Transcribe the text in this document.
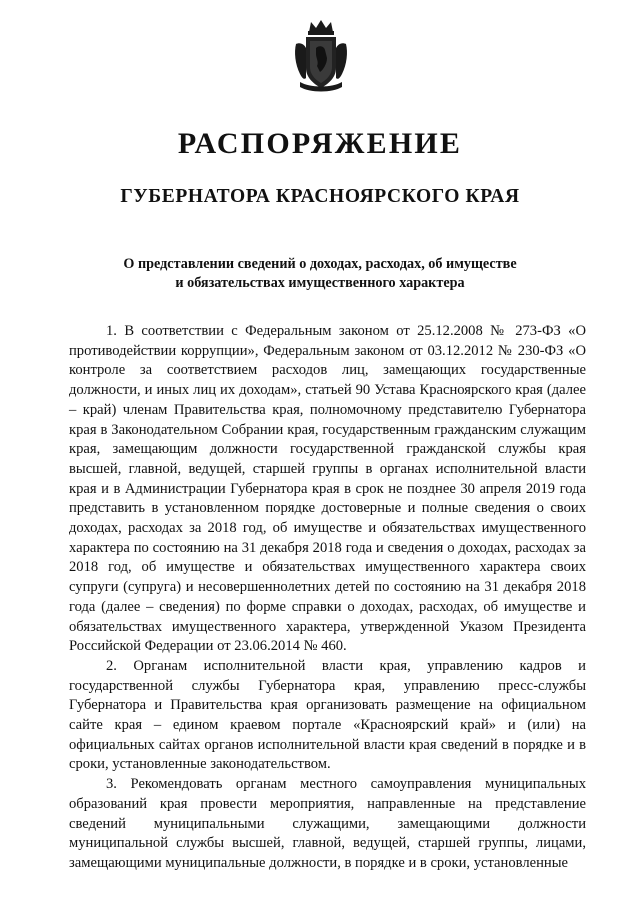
РАСПОРЯЖЕНИЕ
ГУБЕРНАТОРА КРАСНОЯРСКОГО КРАЯ
О представлении сведений о доходах, расходах, об имуществе
и обязательствах имущественного характера

1. В соответствии с Федеральным законом от 25.12.2008 № 273-ФЗ «О противодействии коррупции», Федеральным законом от 03.12.2012 № 230-ФЗ «О контроле за соответствием расходов лиц, замещающих государственные должности, и иных лиц их доходам», статьей 90 Устава Красноярского края (далее – край) членам Правительства края, полномочному представителю Губернатора края в Законодательном Собрании края, государственным гражданским служащим края, замещающим должности государственной гражданской службы края высшей, главной, ведущей, старшей группы в органах исполнительной власти края и в Администрации Губернатора края в срок не позднее 30 апреля 2019 года представить в установленном порядке достоверные и полные сведения о своих доходах, расходах за 2018 год, об имуществе и обязательствах имущественного характера по состоянию на 31 декабря 2018 года и сведения о доходах, расходах за 2018 год, об имуществе и обязательствах имущественного характера своих супруги (супруга) и несовершеннолетних детей по состоянию на 31 декабря 2018 года (далее – сведения) по форме справки о доходах, расходах, об имуществе и обязательствах имущественного характера, утвержденной Указом Президента Российской Федерации от 23.06.2014 № 460.

2. Органам исполнительной власти края, управлению кадров и государственной службы Губернатора края, управлению пресс-службы Губернатора и Правительства края организовать размещение на официальном сайте края – едином краевом портале «Красноярский край» и (или) на официальных сайтах органов исполнительной власти края сведений в порядке и в сроки, установленные законодательством.

3. Рекомендовать органам местного самоуправления муниципальных образований края провести мероприятия, направленные на представление сведений муниципальными служащими, замещающими должности муниципальной службы высшей, главной, ведущей, старшей группы, лицами, замещающими муниципальные должности, в порядке и в сроки, установленные
